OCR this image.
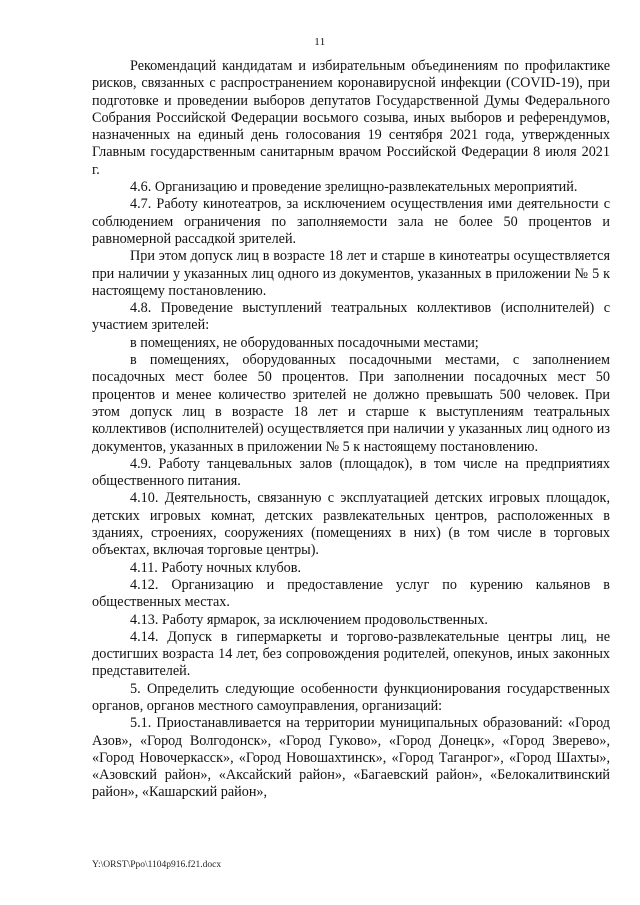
11

Рекомендаций кандидатам и избирательным объединениям по профилактике рисков, связанных с распространением коронавирусной инфекции (COVID-19), при подготовке и проведении выборов депутатов Государственной Думы Федерального Собрания Российской Федерации восьмого созыва, иных выборов и референдумов, назначенных на единый день голосования 19 сентября 2021 года, утвержденных Главным государственным санитарным врачом Российской Федерации 8 июля 2021 г.

4.6. Организацию и проведение зрелищно-развлекательных мероприятий.

4.7. Работу кинотеатров, за исключением осуществления ими деятельности с соблюдением ограничения по заполняемости зала не более 50 процентов и равномерной рассадкой зрителей.

При этом допуск лиц в возрасте 18 лет и старше в кинотеатры осуществляется при наличии у указанных лиц одного из документов, указанных в приложении № 5 к настоящему постановлению.

4.8. Проведение выступлений театральных коллективов (исполнителей) с участием зрителей:

в помещениях, не оборудованных посадочными местами;

в помещениях, оборудованных посадочными местами, с заполнением посадочных мест более 50 процентов. При заполнении посадочных мест 50 процентов и менее количество зрителей не должно превышать 500 человек. При этом допуск лиц в возрасте 18 лет и старше к выступлениям театральных коллективов (исполнителей) осуществляется при наличии у указанных лиц одного из документов, указанных в приложении № 5 к настоящему постановлению.

4.9. Работу танцевальных залов (площадок), в том числе на предприятиях общественного питания.

4.10. Деятельность, связанную с эксплуатацией детских игровых площадок, детских игровых комнат, детских развлекательных центров, расположенных в зданиях, строениях, сооружениях (помещениях в них) (в том числе в торговых объектах, включая торговые центры).

4.11. Работу ночных клубов.

4.12. Организацию и предоставление услуг по курению кальянов в общественных местах.

4.13. Работу ярмарок, за исключением продовольственных.

4.14. Допуск в гипермаркеты и торгово-развлекательные центры лиц, не достигших возраста 14 лет, без сопровождения родителей, опекунов, иных законных представителей.

5. Определить следующие особенности функционирования государственных органов, органов местного самоуправления, организаций:

5.1. Приостанавливается на территории муниципальных образований: «Город Азов», «Город Волгодонск», «Город Гуково», «Город Донецк», «Город Зверево», «Город Новочеркасск», «Город Новошахтинск», «Город Таганрог», «Город Шахты», «Азовский район», «Аксайский район», «Багаевский район», «Белокалитвинский район», «Кашарский район»,

Y:\ORST\Ppo\1104p916.f21.docx
